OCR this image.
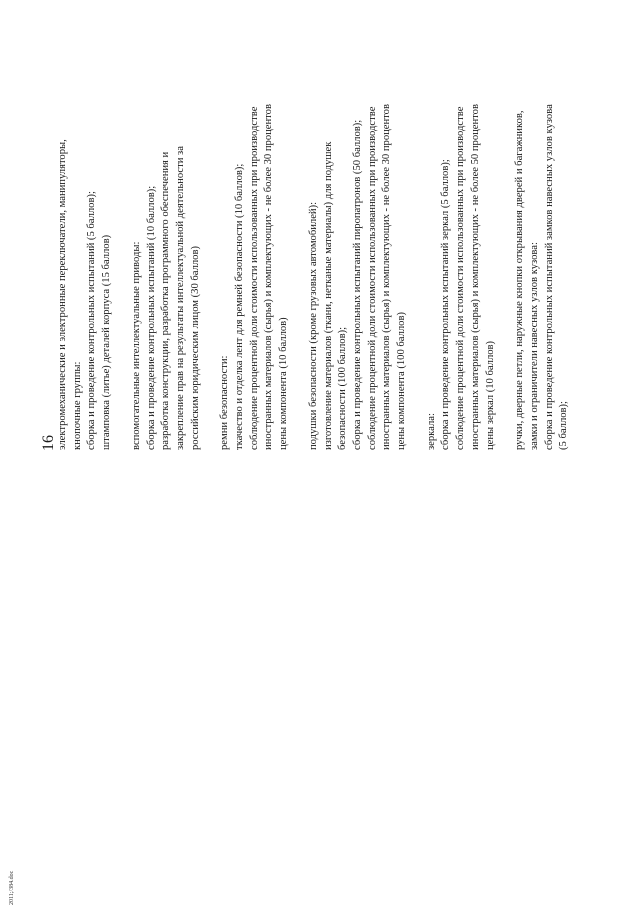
16 электромеханические и электронные переключатели, манипуляторы, кнопочные группы: сборка и проведение контрольных испытаний (5 баллов); штамповка (литье) деталей корпуса (15 баллов) вспомогательные интеллектуальные приводы: сборка и проведение контрольных испытаний (10 баллов); разработка конструкции, разработка программного обеспечения и закрепление прав на результаты интеллектуальной деятельности за российским юридическим лицом (30 баллов) ремни безопасности: ткачество и отделка лент для ремней безопасности (10 баллов); соблюдение процентной доли стоимости использованных при производстве иностранных материалов (сырья) и комплектующих - не более 30 процентов цены компонента (10 баллов) подушки безопасности (кроме грузовых автомобилей): изготовление материалов (ткани, нетканые материалы) для подушек безопасности (100 баллов); сборка и проведение контрольных испытаний пиропатронов (50 баллов); соблюдение процентной доли стоимости использованных при производстве иностранных материалов (сырья) и комплектующих - не более 30 процентов цены компонента (100 баллов) зеркала: сборка и проведение контрольных испытаний зеркал (5 баллов); соблюдение процентной доли стоимости использованных при производстве иностранных материалов (сырья) и комплектующих - не более 50 процентов цены зеркал (10 баллов) ручки, дверные петли, наружные кнопки открывания дверей и багажников, замки и ограничители навесных узлов кузова: сборка и проведение контрольных испытаний замков навесных узлов кузова (5 баллов);
2011;/384.doc
